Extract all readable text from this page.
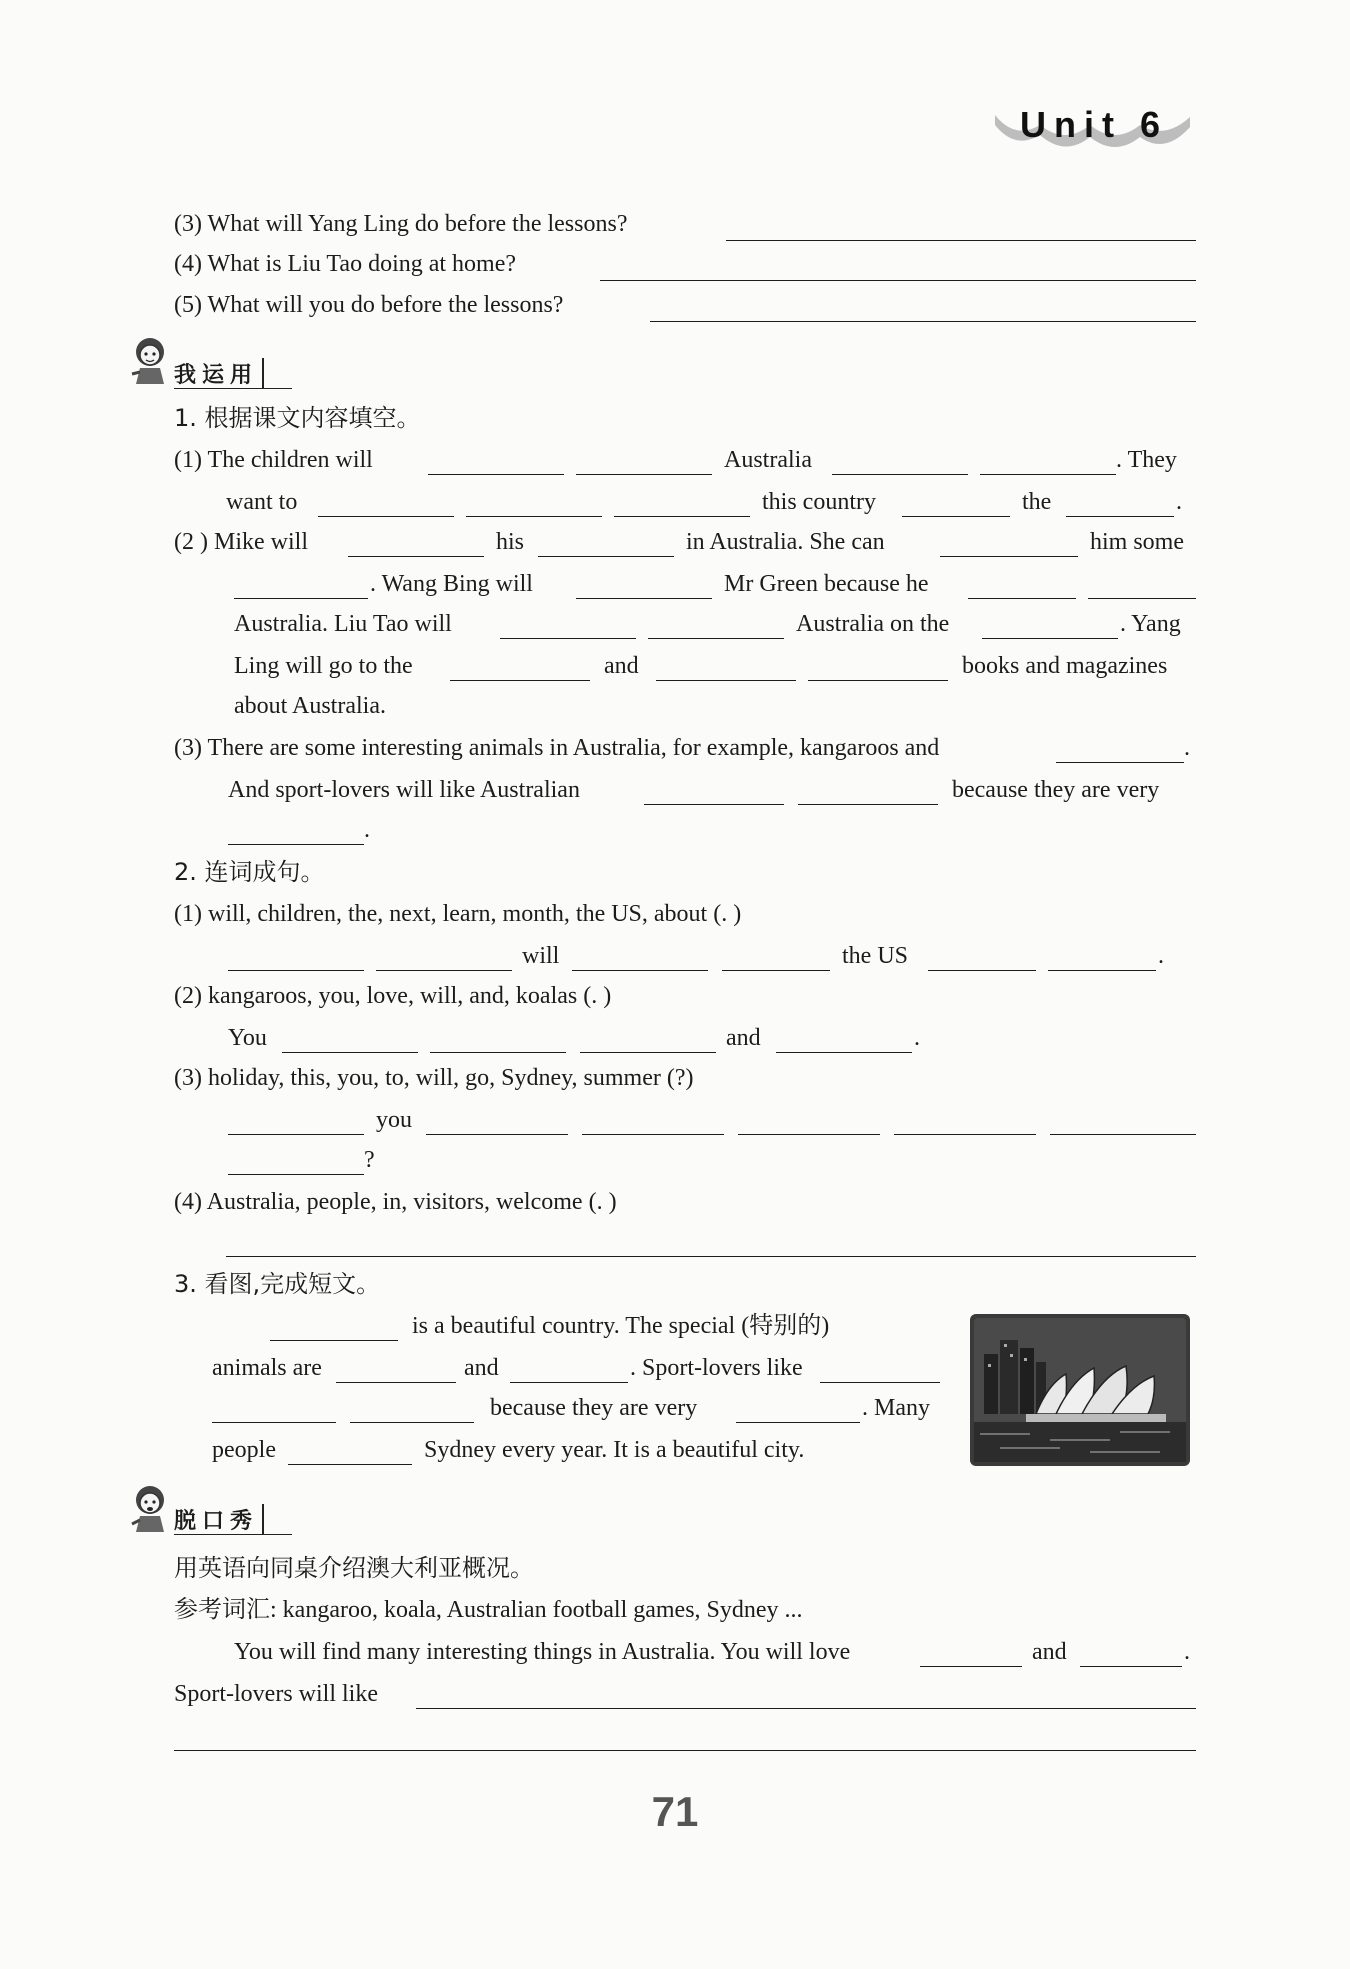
Unit 6
(3) What will Yang Ling do before the lessons?
(4) What is Liu Tao doing at home?
(5) What will you do before the lessons?
我运用
1. 根据课文内容填空。
(1) The children will	Australia	. They
want to	this country	the	.
(2 ) Mike will	his	in Australia. She can	him some
. Wang Bing will	Mr Green because he
Australia. Liu Tao will	Australia on the	. Yang
Ling will go to the	and	books and magazines
about Australia.
(3) There are some interesting animals in Australia, for example, kangaroos and	.
And sport-lovers will like Australian	because they are very
.
2. 连词成句。
(1) will, children, the, next, learn, month, the US, about (. )
will	the US	.
(2) kangaroos, you, love, will, and, koalas (. )
You	and	.
(3) holiday, this, you, to, will, go, Sydney, summer (?)
you
?
(4) Australia, people, in, visitors, welcome (. )
3. 看图,完成短文。
is a beautiful country. The special (特别的)
animals are	and	. Sport-lovers like
because they are very	. Many
people	Sydney every year. It is a beautiful city.
脱口秀
用英语向同桌介绍澳大利亚概况。
参考词汇: kangaroo, koala, Australian football games, Sydney ...
You will find many interesting things in Australia. You will love	and	.
Sport-lovers will like
71
